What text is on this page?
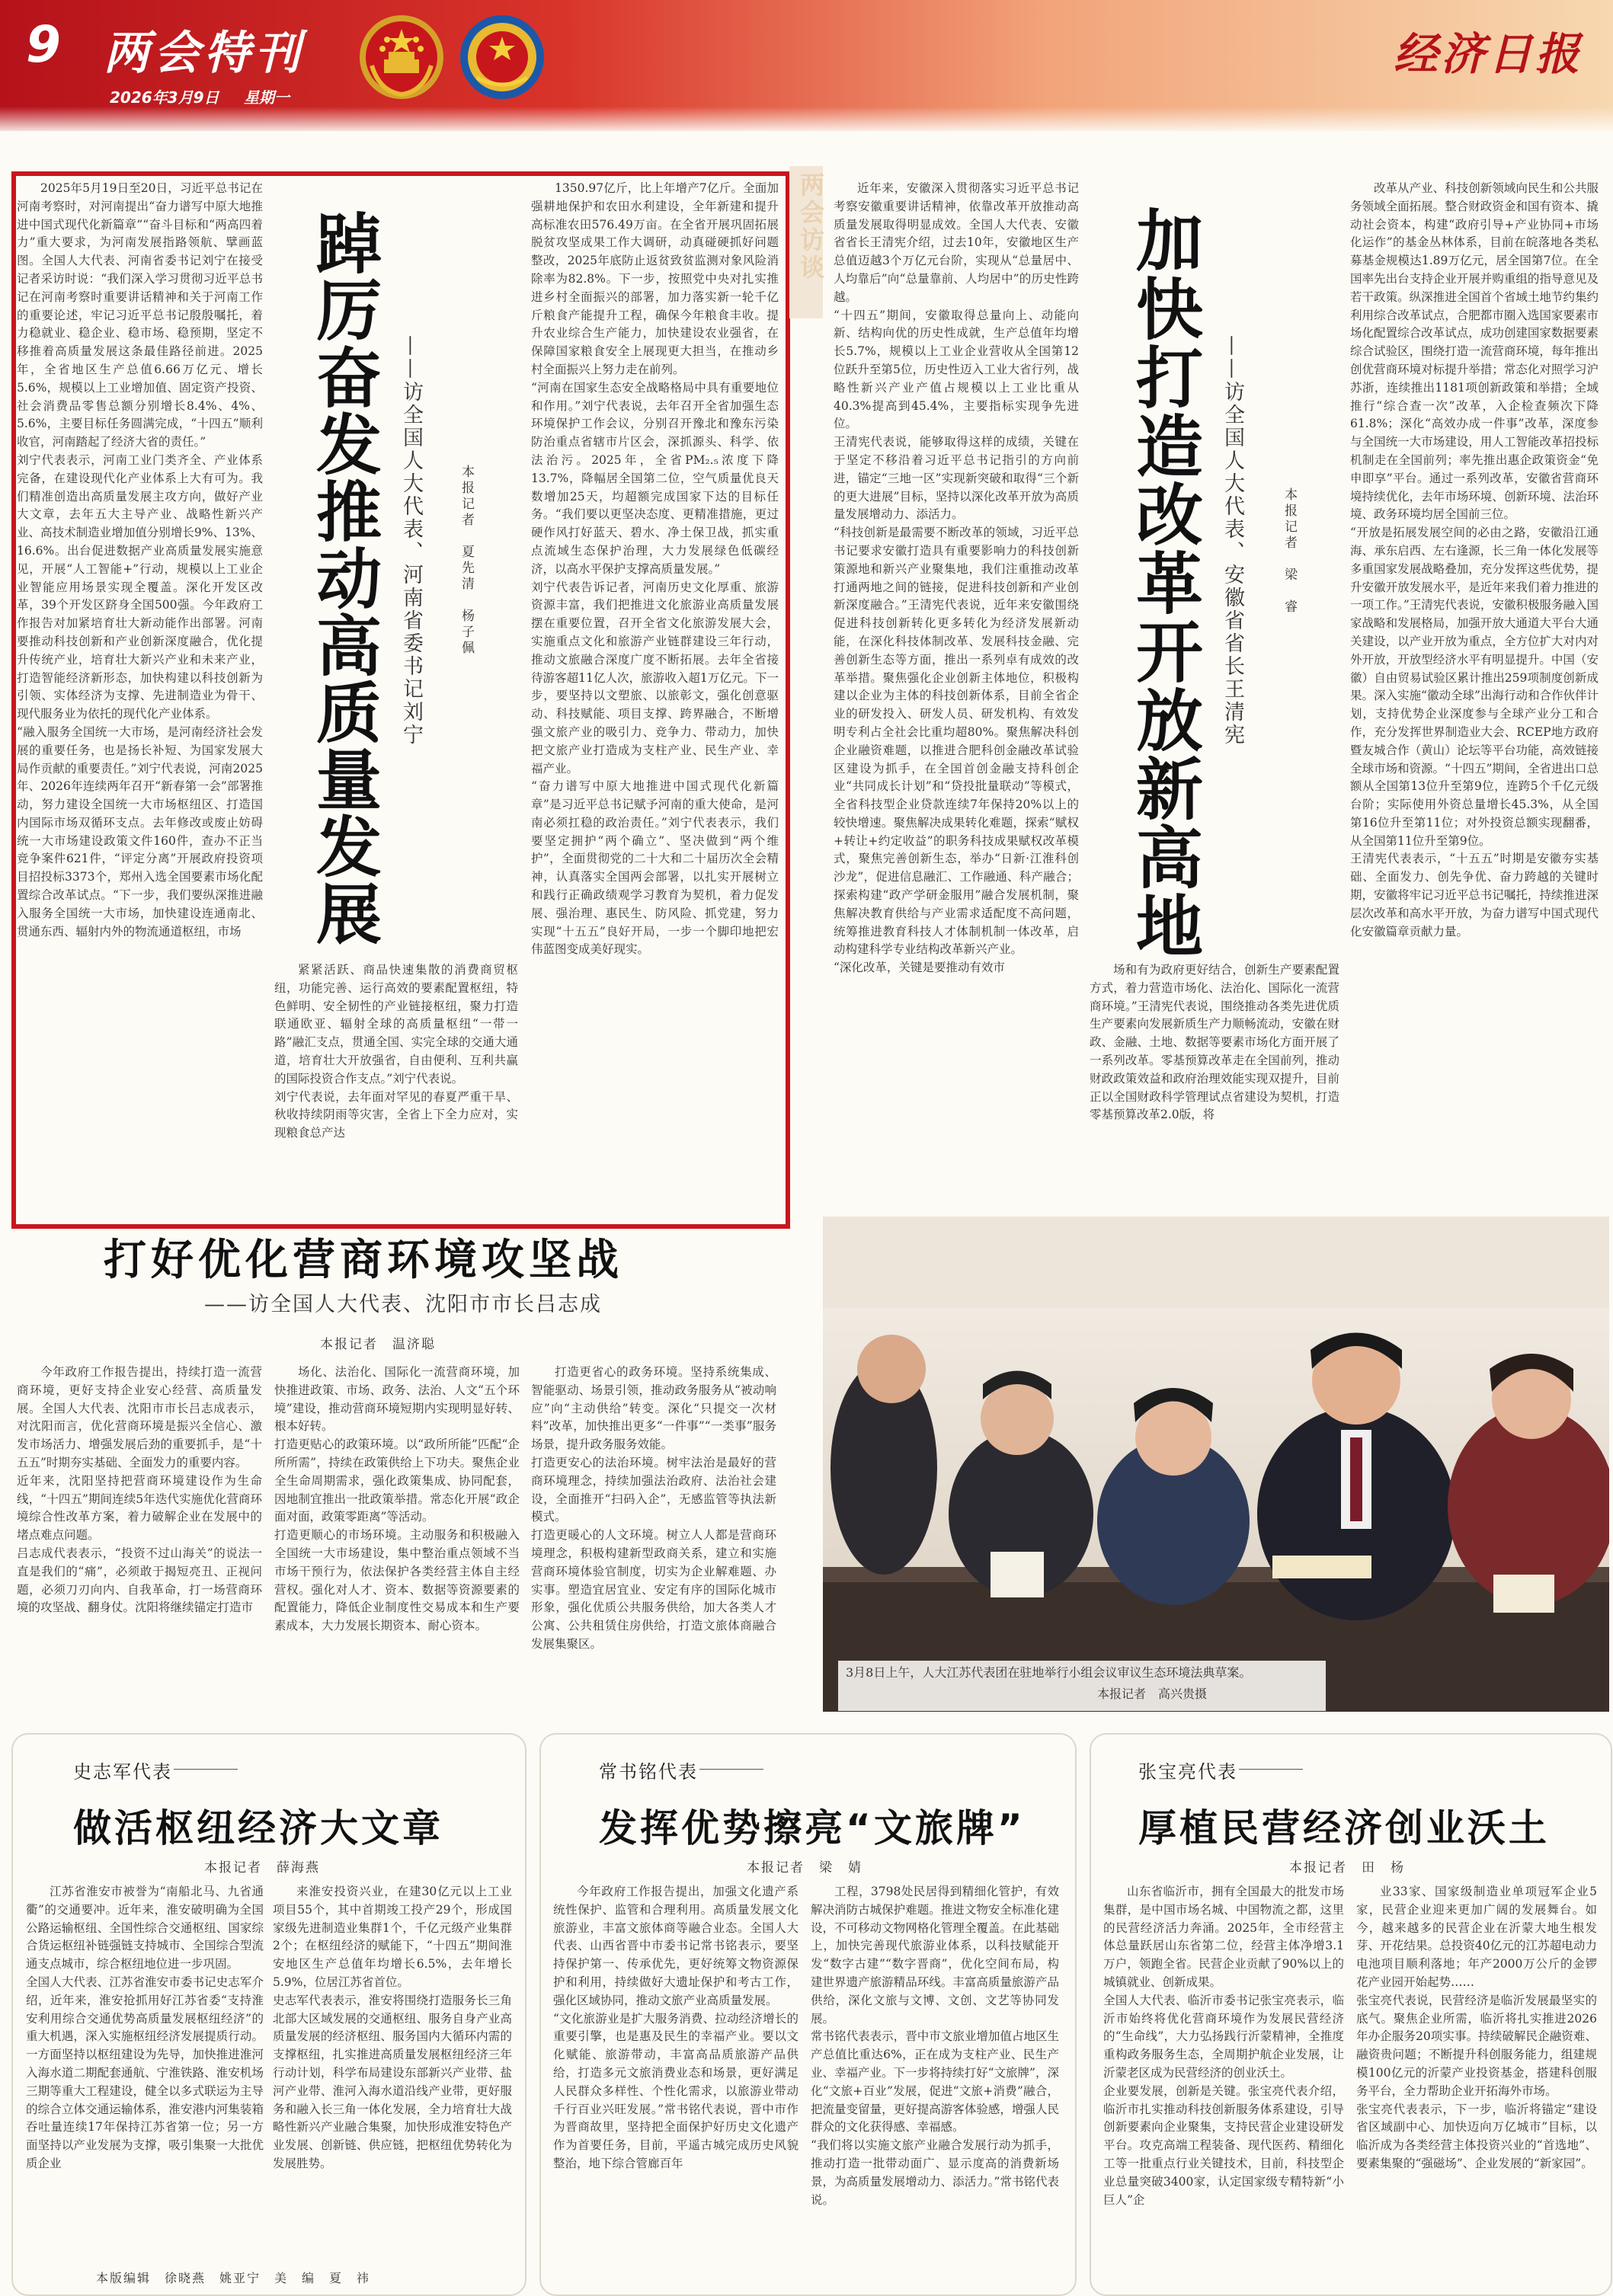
9 两会特刊
2026年3月9日 星期一
经济日报
2025年5月19日至20日，习近平总书记在河南考察时，对河南提出“奋力谱写中原大地推进中国式现代化新篇章”“奋斗目标和“两高四着力”重大要求，为河南发展指路领航、擘画蓝图。全国人大代表、河南省委书记刘宁在接受记者采访时说：“我们深入学习贯彻习近平总书记在河南考察时重要讲话精神和关于河南工作的重要论述，牢记习近平总书记殷殷嘱托，着力稳就业、稳企业、稳市场、稳预期，坚定不移推着高质量发展这条最佳路径前进。2025年，全省地区生产总值6.66万亿元、增长5.6%，规模以上工业增加值、固定资产投资、社会消费品零售总额分别增长8.4%、4%、5.6%，主要目标任务圆满完成，“十四五”顺利收官，河南踏起了经济大省的责任。”
刘宁代表表示，河南工业门类齐全、产业体系完备，在建设现代化产业体系上大有可为。我们精准创造出高质量发展主攻方向，做好产业大文章，去年五大主导产业、战略性新兴产业、高技术制造业增加值分别增长9%、13%、16.6%。出台促进数据产业高质量发展实施意见，开展“人工智能+”行动，规模以上工业企业智能应用场景实现全覆盖。深化开发区改革，39个开发区跻身全国500强。今年政府工作报告对加紧培育壮大新动能作出部署。河南要推动科技创新和产业创新深度融合，优化提升传统产业，培育壮大新兴产业和未来产业，打造智能经济新形态，加快构建以科技创新为引领、实体经济为支撑、先进制造业为骨干、现代服务业为依托的现代化产业体系。
“融入服务全国统一大市场，是河南经济社会发展的重要任务，也是扬长补短、为国家发展大局作贡献的重要责任。”刘宁代表说，河南2025年、2026年连续两年召开“新春第一会”部署推动，努力建设全国统一大市场枢纽区、打造国内国际市场双循环支点。去年修改或废止妨碍统一大市场建设政策文件160件，查办不正当竞争案件621件，“评定分离”开展政府投资项目招投标3373个，郑州入选全国要素市场化配置综合改革试点。“下一步，我们要纵深推进融入服务全国统一大市场，加快建设连通南北、贯通东西、辐射内外的物流通道枢纽，市场 踔厉奋发推动高质量发展 ——访全国人大代表、河南省委书记刘宁	本报记者　夏先清　杨子佩
紧紧活跃、商品快速集散的消费商贸枢纽，功能完善、运行高效的要素配置枢纽，特色鲜明、安全韧性的产业链接枢纽，聚力打造联通欧亚、辐射全球的高质量枢纽“一带一路”融汇支点，贯通全国、实完全球的交通大通道，培育壮大开放强省，自由便利、互利共赢的国际投资合作支点。”刘宁代表说。
刘宁代表说，去年面对罕见的春夏严重干旱、秋收持续阴雨等灾害，全省上下全力应对，实现粮食总产达
1350.97亿斤，比上年增产7亿斤。全面加强耕地保护和农田水利建设，全年新建和提升高标准农田576.49万亩。在全省开展巩固拓展脱贫攻坚成果工作大调研，动真碰硬抓好问题整改，2025年底防止返贫致贫监测对象风险消除率为82.8%。下一步，按照党中央对扎实推进乡村全面振兴的部署，加力落实新一轮千亿斤粮食产能提升工程，确保今年粮食丰收。提升农业综合生产能力，加快建设农业强省，在保障国家粮食安全上展现更大担当，在推动乡村全面振兴上努力走在前列。
“河南在国家生态安全战略格局中具有重要地位和作用。”刘宁代表说，去年召开全省加强生态环境保护工作会议，分别召开豫北和豫东污染防治重点省辖市片区会，深抓源头、科学、依法治污。2025年，全省PM₂.₅浓度下降13.7%，降幅居全国第二位，空气质量优良天数增加25天，均超额完成国家下达的目标任务。“我们要以更坚决态度、更精准措施，更过硬作风打好蓝天、碧水、净土保卫战，抓实重点流域生态保护治理，大力发展绿色低碳经济，以高水平保护支撑高质量发展。”
刘宁代表告诉记者，河南历史文化厚重、旅游资源丰富，我们把推进文化旅游业高质量发展摆在重要位置，召开全省文化旅游发展大会，实施重点文化和旅游产业链群建设三年行动，推动文旅融合深度广度不断拓展。去年全省接待游客超11亿人次，旅游收入超1万亿元。下一步，要坚持以文塑旅、以旅彰文，强化创意驱动、科技赋能、项目支撑、跨界融合，不断增强文旅产业的吸引力、竞争力、带动力，加快把文旅产业打造成为支柱产业、民生产业、幸福产业。
“奋力谱写中原大地推进中国式现代化新篇章”是习近平总书记赋予河南的重大使命，是河南必须扛稳的政治责任。”刘宁代表表示，我们要坚定拥护“两个确立”、坚决做到“两个维护”，全面贯彻党的二十大和二十届历次全会精神，认真落实全国两会部署，以扎实开展树立和践行正确政绩观学习教育为契机，着力促发展、强治理、惠民生、防风险、抓党建，努力实现“十五五”良好开局，一步一个脚印地把宏伟蓝图变成美好现实。
两会访谈	近年来，安徽深入贯彻落实习近平总书记考察安徽重要讲话精神，依靠改革开放推动高质量发展取得明显成效。全国人大代表、安徽省省长王清宪介绍，过去10年，安徽地区生产总值迈越3个万亿元台阶，实现从“总量居中、人均靠后”向“总量靠前、人均居中”的历史性跨越。
“十四五”期间，安徽取得总量向上、动能向新、结构向优的历史性成就，生产总值年均增长5.7%，规模以上工业企业营收从全国第12位跃升至第5位，历史性迈入工业大省行列，战略性新兴产业产值占规模以上工业比重从40.3%提高到45.4%，主要指标实现争先进位。
王清宪代表说，能够取得这样的成绩，关键在于坚定不移沿着习近平总书记指引的方向前进，锚定“三地一区”实现新突破和取得“三个新的更大进展”目标，坚持以深化改革开放为高质量发展增动力、添活力。
“科技创新是最需要不断改革的领域，习近平总书记要求安徽打造具有重要影响力的科技创新策源地和新兴产业聚集地，我们注重推动改革打通两地之间的链接，促进科技创新和产业创新深度融合。”王清宪代表说，近年来安徽围绕促进科技创新转化更多转化为经济发展新动能，在深化科技体制改革、发展科技金融、完善创新生态等方面，推出一系列卓有成效的改革举措。聚焦强化企业创新主体地位，积极构建以企业为主体的科技创新体系，目前全省企业的研发投入、研发人员、研发机构、有效发明专利占全社会比重均超80%。聚焦解决科创企业融资难题，以推进合肥科创金融改革试验区建设为抓手，在全国首创金融支持科创企业“共同成长计划”和“贷投批量联动”等模式，全省科技型企业贷款连续7年保持20%以上的较快增速。聚焦解决成果转化难题，探索“赋权+转让+约定收益”的职务科技成果赋权改革模式，聚焦完善创新生态，举办“日新·江淮科创沙龙”，促进信息融汇、工作融通、科产融合；探索构建“政产学研金服用”融合发展机制，聚焦解决教育供给与产业需求适配度不高问题，统筹推进教育科技人才体制机制一体改革，启动构建科学专业结构改革新兴产业。
“深化改革，关键是要推动有效市
加快打造改革开放新高地 ——访全国人大代表、安徽省省长王清宪	本报记者　梁　睿
场和有为政府更好结合，创新生产要素配置方式，着力营造市场化、法治化、国际化一流营商环境。”王清宪代表说，围绕推动各类先进优质生产要素向发展新质生产力顺畅流动，安徽在财政、金融、土地、数据等要素市场化方面开展了一系列改革。零基预算改革走在全国前列，推动财政政策效益和政府治理效能实现双提升，目前正以全国财政科学管理试点省建设为契机，打造零基预算改革2.0版，将
改革从产业、科技创新领域向民生和公共服务领域全面拓展。整合财政资金和国有资本、撬动社会资本，构建“政府引导+产业协同+市场化运作”的基金丛林体系，目前在皖落地各类私募基金规模达1.89万亿元，居全国第7位。在全国率先出台支持企业开展并购重组的指导意见及若干政策。纵深推进全国首个省域土地节约集约利用综合改革试点，合肥都市圈入选国家要素市场化配置综合改革试点，成功创建国家数据要素综合试验区，围绕打造一流营商环境，每年推出创优营商环境对标提升举措；常态化对照学习沪苏浙，连续推出1181项创新政策和举措；全域推行“综合查一次”改革，入企检查频次下降61.8%；深化“高效办成一件事”改革，深度参与全国统一大市场建设，用人工智能改革招投标机制走在全国前列；率先推出惠企政策资金“免申即享”平台。通过一系列改革，安徽省营商环境持续优化，去年市场环境、创新环境、法治环境、政务环境均居全国前三位。
“开放是拓展发展空间的必由之路，安徽沿江通海、承东启西、左右逢源，长三角一体化发展等多重国家发展战略叠加，充分发挥这些优势，提升安徽开放发展水平，是近年来我们着力推进的一项工作。”王清宪代表说，安徽积极服务融入国家战略和发展格局，加强开放大通道大平台大通关建设，以产业开放为重点，全方位扩大对内对外开放，开放型经济水平有明显提升。中国（安徽）自由贸易试验区累计推出259项制度创新成果。深入实施“徽动全球”出海行动和合作伙伴计划，支持优势企业深度参与全球产业分工和合作，充分发挥世界制造业大会、RCEP地方政府暨友城合作（黄山）论坛等平台功能，高效链接全球市场和资源。“十四五”期间，全省进出口总额从全国第13位升至第9位，连跨5个千亿元级台阶；实际使用外资总量增长45.3%，从全国第16位升至第11位；对外投资总额实现翻番，从全国第11位升至第9位。
王清宪代表表示，“十五五”时期是安徽夯实基础、全面发力、创先争优、奋力跨越的关键时期，安徽将牢记习近平总书记嘱托，持续推进深层次改革和高水平开放，为奋力谱写中国式现代化安徽篇章贡献力量。
打好优化营商环境攻坚战
——访全国人大代表、沈阳市市长吕志成
本报记者　温济聪
今年政府工作报告提出，持续打造一流营商环境，更好支持企业安心经营、高质量发展。全国人大代表、沈阳市市长吕志成表示，对沈阳而言，优化营商环境是振兴全信心、激发市场活力、增强发展后劲的重要抓手，是“十五五”时期夯实基础、全面发力的重要内容。
近年来，沈阳坚持把营商环境建设作为生命线，“十四五”期间连续5年迭代实施优化营商环境综合性改革方案，着力破解企业在发展中的堵点难点问题。
吕志成代表表示，“投资不过山海关”的说法一直是我们的“痛”，必须敢于揭短亮丑、正视问题，必须刀刃向内、自我革命，打一场营商环境的攻坚战、翻身仗。沈阳将继续锚定打造市
场化、法治化、国际化一流营商环境，加快推进政策、市场、政务、法治、人文“五个环境”建设，推动营商环境短期内实现明显好转、根本好转。
打造更贴心的政策环境。以“政所所能”匹配“企所所需”，持续在政策供给上下功夫。聚焦企业全生命周期需求，强化政策集成、协同配套，因地制宜推出一批政策举措。常态化开展“政企面对面，政策零距离”等活动。
打造更顺心的市场环境。主动服务和积极融入全国统一大市场建设，集中整治重点领域不当市场干预行为，依法保护各类经营主体自主经营权。强化对人才、资本、数据等资源要素的配置能力，降低企业制度性交易成本和生产要素成本，大力发展长期资本、耐心资本。
打造更省心的政务环境。坚持系统集成、智能驱动、场景引领，推动政务服务从“被动响应”向“主动供给”转变。深化“只提交一次材料”改革，加快推出更多“一件事”“一类事”服务场景，提升政务服务效能。
打造更安心的法治环境。树牢法治是最好的营商环境理念，持续加强法治政府、法治社会建设，全面推开“扫码入企”，无感监管等执法新模式。
打造更暖心的人文环境。树立人人都是营商环境理念，积极构建新型政商关系，建立和实施营商环境体验官制度，切实为企业解难题、办实事。塑造宜居宜业、安定有序的国际化城市形象，强化优质公共服务供给，加大各类人才公寓、公共租赁住房供给，打造文旅体商融合发展集聚区。
3月8日上午，人大江苏代表团在驻地举行小组会议审议生态环境法典草案。
本报记者　高兴贵摄
史志军代表
做活枢纽经济大文章
本报记者　薛海燕
江苏省淮安市被誉为“南船北马、九省通衢”的交通要冲。近年来，淮安破明确为全国公路运输枢纽、全国性综合交通枢纽、国家综合货运枢纽补链强链支持城市、全国综合型流通支点城市，综合枢纽地位进一步巩固。
全国人大代表、江苏省淮安市委书记史志军介绍，近年来，淮安抢抓用好江苏省委“支持淮安利用综合交通优势高质量发展枢纽经济”的重大机遇，深入实施枢纽经济发展提质行动。一方面坚持以枢纽建设为先导，加快推进淮河入海水道二期配套通航、宁淮铁路、淮安机场三期等重大工程建设，健全以多式联运为主导的综合立体交通运输体系，淮安港内河集装箱吞吐量连续17年保持江苏省第一位；另一方面坚持以产业发展为支撑，吸引集聚一大批优质企业
来淮安投资兴业，在建30亿元以上工业项目55个，其中首期竣工投产29个，形成国家级先进制造业集群1个，千亿元级产业集群2个；在枢纽经济的赋能下，“十四五”期间淮安地区生产总值年均增长6.5%，去年增长5.9%，位居江苏省首位。
史志军代表表示，淮安将围绕打造服务长三角北部大区域发展的交通枢纽、服务自身产业高质量发展的经济枢纽、服务国内大循环内需的支撑枢纽，扎实推进高质量发展枢纽经济三年行动计划，科学布局建设东部新兴产业带、盐河产业带、淮河入海水道沿线产业带，更好服务和融入长三角一体化发展，全力培育壮大战略性新兴产业融合集聚，加快形成淮安特色产业发展、创新链、供应链，把枢纽优势转化为发展胜势。
常书铭代表
发挥优势擦亮“文旅牌”
本报记者　梁　婧
今年政府工作报告提出，加强文化遗产系统性保护、监管和合理利用。高质量发展文化旅游业，丰富文旅体商等融合业态。全国人大代表、山西省晋中市委书记常书铭表示，要坚持保护第一、传承优先，更好统筹文物资源保护和利用，持续做好大遗址保护和考古工作，强化区域协同，推动文旅产业高质量发展。
“文化旅游业是扩大服务消费、拉动经济增长的重要引擎，也是惠及民生的幸福产业。要以文化赋能、旅游带动，丰富高品质旅游产品供给，打造多元文旅消费业态和场景，更好满足人民群众多样性、个性化需求，以旅游业带动千行百业兴旺发展。”常书铭代表说，晋中市作为晋商故里，坚持把全面保护好历史文化遗产作为首要任务，目前，平遥古城完成历史风貌整治，地下综合管廊百年
工程，3798处民居得到精细化管护，有效解决消防古城保护难题。推进文物安全标准化建设，不可移动文物网格化管理全覆盖。在此基础上，加快完善现代旅游业体系，以科技赋能开发“数字古建”“数字晋商”，优化空间布局，构建世界遗产旅游精品环线。丰富高质量旅游产品供给，深化文旅与文博、文创、文艺等协同发展。
常书铭代表表示，晋中市文旅业增加值占地区生产总值比重达6%，正在成为支柱产业、民生产业、幸福产业。下一步将持续打好“文旅牌”，深化“文旅+百业”发展，促进“文旅+消费”融合，把流量变留量，更好提高游客体验感，增强人民群众的文化获得感、幸福感。
“我们将以实施文旅产业融合发展行动为抓手，推动打造一批带动面广、显示度高的消费新场景，为高质量发展增动力、添活力。”常书铭代表说。
张宝亮代表
厚植民营经济创业沃土
本报记者　田　杨
山东省临沂市，拥有全国最大的批发市场集群，是中国市场名城、中国物流之都，这里的民营经济活力奔涌。2025年，全市经营主体总量跃居山东省第二位，经营主体净增3.1万户，领跑全省。民营企业贡献了90%以上的城镇就业、创新成果。
全国人大代表、临沂市委书记张宝亮表示，临沂市始终将优化营商环境作为发展民营经济的“生命线”，大力弘扬践行沂蒙精神，全推度重构政务服务生态，全周期护航企业发展，让沂蒙老区成为民营经济的创业沃土。
企业要发展，创新是关键。张宝亮代表介绍，临沂市扎实推动科技创新服务体系建设，引导创新要素向企业聚集，支持民营企业建设研发平台。攻克高端工程装备、现代医药、精细化工等一批重点行业关键技术，目前，科技型企业总量突破3400家，认定国家级专精特新“小巨人”企
业33家、国家级制造业单项冠军企业5家，民营企业迎来更加广阔的发展舞台。如今，越来越多的民营企业在沂蒙大地生根发芽、开花结果。总投资40亿元的江苏超电动力电池项目顺利落地；年产2000万公斤的金锣花产业园开始起势……
张宝亮代表说，民营经济是临沂发展最坚实的底气。聚焦企业所需，临沂将扎实推进2026年办企服务20项实事。持续破解民企融资难、融资贵问题；不断提升科创服务能力，组建规模100亿元的沂蒙产业投资基金，搭建科创服务平台，全力帮助企业开拓海外市场。
张宝亮代表表示，下一步，临沂将锚定“建设省区域副中心、加快迈向万亿城市”目标，以临沂成为各类经营主体投资兴业的“首选地”、要素集聚的“强磁场”、企业发展的“新家园”。
本版编辑　徐晓燕　姚亚宁　美　编　夏　祎
